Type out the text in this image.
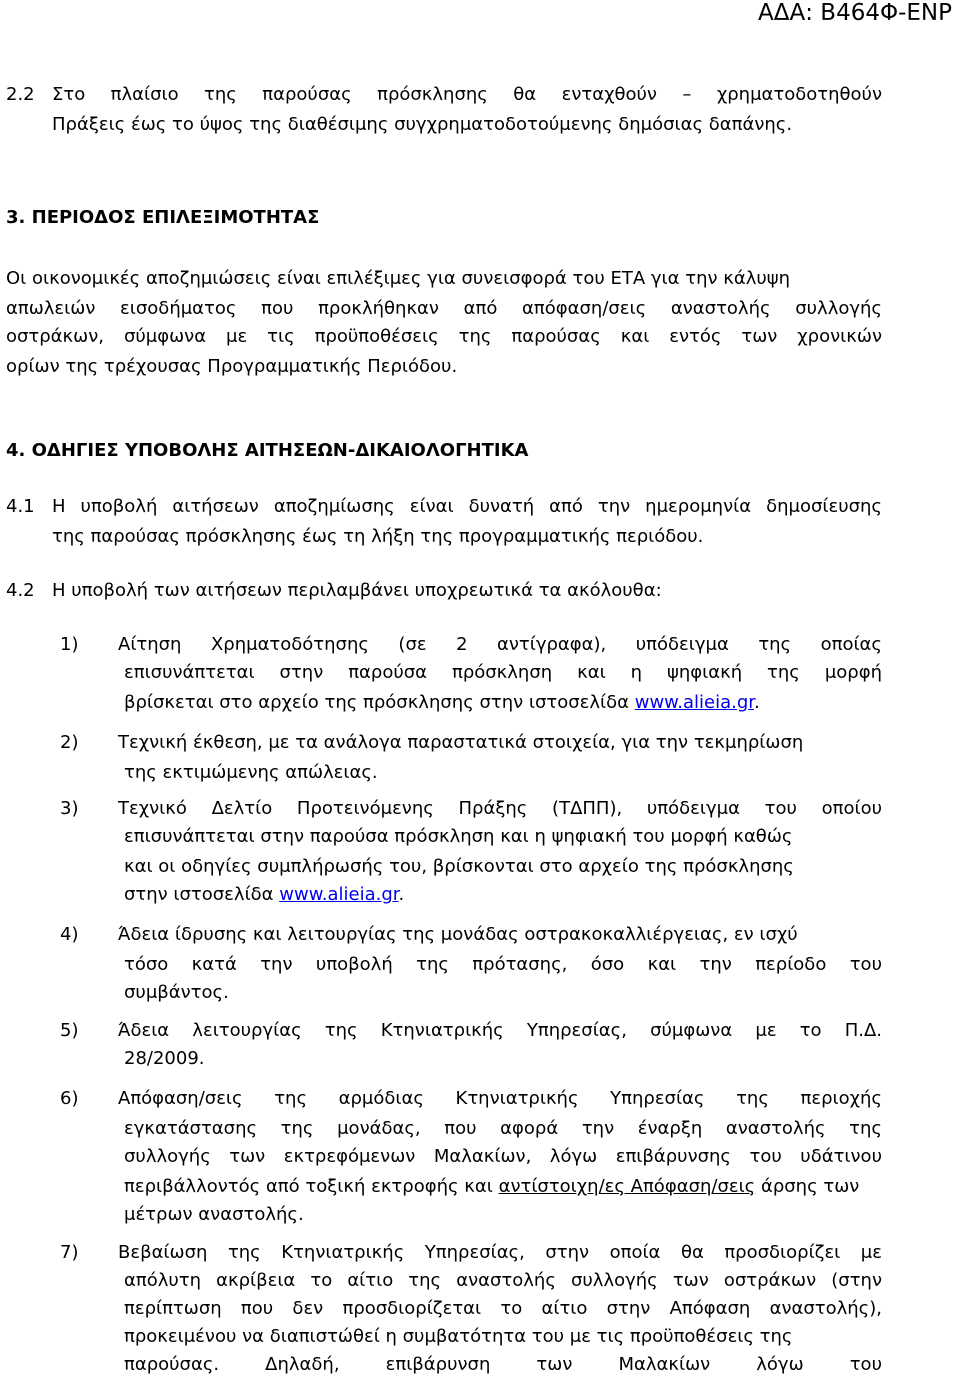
ΑΔΑ: Β464Φ-ΕΝΡ
2.2 Στο πλαίσιο της παρούσας πρόσκλησης θα ενταχθούν – χρηματοδοτηθούν
Πράξεις έως το ύψος της διαθέσιμης συγχρηματοδοτούμενης δημόσιας δαπάνης.
3. ΠΕΡΙΟΔΟΣ ΕΠΙΛΕΞΙΜΟΤΗΤΑΣ
Οι οικονομικές αποζημιώσεις είναι επιλέξιμες για συνεισφορά του ΕΤΑ για την κάλυψη
απωλειών εισοδήματος που προκλήθηκαν από απόφαση/σεις αναστολής συλλογής
οστράκων, σύμφωνα με τις προϋποθέσεις της παρούσας και εντός των χρονικών
ορίων της τρέχουσας Προγραμματικής Περιόδου.
4. ΟΔΗΓΙΕΣ ΥΠΟΒΟΛΗΣ ΑΙΤΗΣΕΩΝ-ΔΙΚΑΙΟΛΟΓΗΤΙΚΑ
4.1 Η υποβολή αιτήσεων αποζημίωσης είναι δυνατή από την ημερομηνία δημοσίευσης
της παρούσας πρόσκλησης έως τη λήξη της προγραμματικής περιόδου.
4.2 Η υποβολή των αιτήσεων περιλαμβάνει υποχρεωτικά τα ακόλουθα:
1) Αίτηση Χρηματοδότησης (σε 2 αντίγραφα), υπόδειγμα της οποίας
επισυνάπτεται στην παρούσα πρόσκληση και η ψηφιακή της μορφή
βρίσκεται στο αρχείο της πρόσκλησης στην ιστοσελίδα www.alieia.gr.
2) Τεχνική έκθεση, με τα ανάλογα παραστατικά στοιχεία, για την τεκμηρίωση
της εκτιμώμενης απώλειας.
3) Τεχνικό Δελτίο Προτεινόμενης Πράξης (ΤΔΠΠ), υπόδειγμα του οποίου
επισυνάπτεται στην παρούσα πρόσκληση και η ψηφιακή του μορφή καθώς
και οι οδηγίες συμπλήρωσής του, βρίσκονται στο αρχείο της πρόσκλησης
στην ιστοσελίδα www.alieia.gr.
4) Άδεια ίδρυσης και λειτουργίας της μονάδας οστρακοκαλλιέργειας, εν ισχύ
τόσο κατά την υποβολή της πρότασης, όσο και την περίοδο του
συμβάντος.
5) Άδεια λειτουργίας της Κτηνιατρικής Υπηρεσίας, σύμφωνα με το Π.Δ.
28/2009.
6) Απόφαση/σεις της αρμόδιας Κτηνιατρικής Υπηρεσίας της περιοχής
εγκατάστασης της μονάδας, που αφορά την έναρξη αναστολής της
συλλογής των εκτρεφόμενων Μαλακίων, λόγω επιβάρυνσης του υδάτινου
περιβάλλοντός από τοξική εκτροφής και αντίστοιχη/ες Απόφαση/σεις άρσης των
μέτρων αναστολής.
7) Βεβαίωση της Κτηνιατρικής Υπηρεσίας, στην οποία θα προσδιορίζει με
απόλυτη ακρίβεια το αίτιο της αναστολής συλλογής των οστράκων (στην
περίπτωση που δεν προσδιορίζεται το αίτιο στην Απόφαση αναστολής),
προκειμένου να διαπιστώθεί η συμβατότητα του με τις προϋποθέσεις της
παρούσας. Δηλαδή, επιβάρυνση των Μαλακίων λόγω του
